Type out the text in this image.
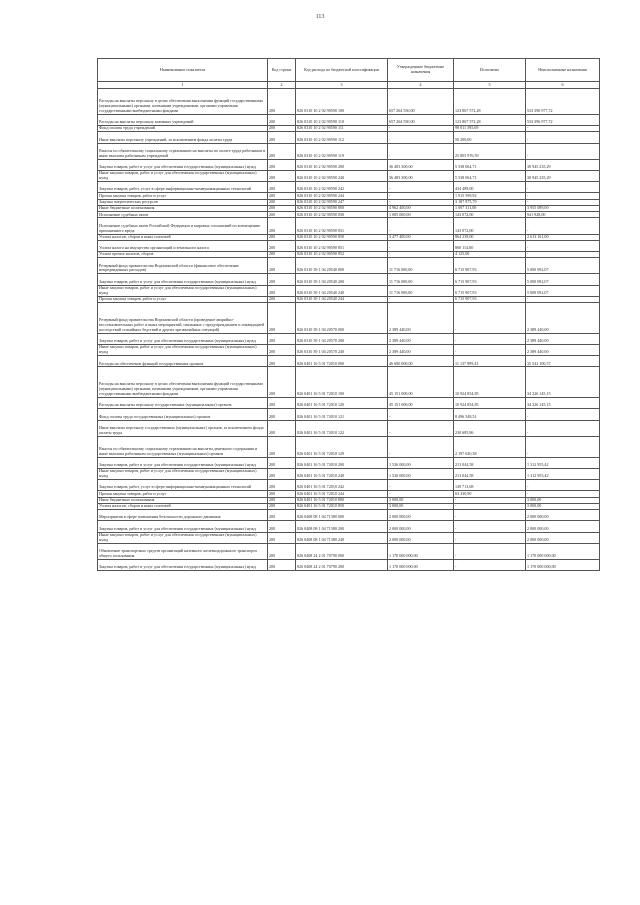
113
Наименование показателя	Код строки	Код расхода по бюджетной классификации	Утвержденные бюджетные назначения	Исполнено	Неисполненные назначения
1	2	3	4	5	6
Расходы на выплаты персоналу в целях обеспечения выполнения функций государственными (муниципальными) органами, казенными учреждениями, органами управления государственными внебюджетными фондами	200	826 0310 10 2 02 90590 100	657 264 550,00	123 867 572,28	533 396 977,72
Расходы на выплаты персоналу казенных учреждений	200	826 0310 10 2 02 90590 110	657 264 550,00	123 867 572,28	533 396 977,72
Фонд оплаты труда учреждений	200	826 0310 10 2 02 90590 111	-	98 011 395,69	-
Иные выплаты персоналу учреждений, за исключением фонда оплаты труда	200	826 0310 10 2 02 90590 112	-	50 200,00	-
Взносы по обязательному социальному страхованию на выплаты по оплате труда работников и иные выплаты работникам учреждений	200	826 0310 10 2 02 90590 119	-	25 805 976,59	-
Закупка товаров, работ и услуг для обеспечения государственных (муниципальных) нужд	200	826 0310 10 2 02 90590 200	36 483 300,00	5 538 064,71	30 945 235,29
Иные закупки товаров, работ и услуг для обеспечения государственных (муниципальных) нужд	200	826 0310 10 2 02 90590 240	36 483 300,00	5 538 064,71	30 945 235,29
Закупка товаров, работ, услуг в сфере информационно-коммуникационных технологий	200	826 0310 10 2 02 90590 242	-	434 489,00	-
Прочая закупка товаров, работ и услуг	200	826 0310 10 2 02 90590 244	-	1 915 599,92	-
Закупка энергетических ресурсов	200	826 0310 10 2 02 90590 247	-	3 187 975,79	-
Иные бюджетные ассигнования	200	826 0310 10 2 02 90590 800	4 962 400,00	1 007 311,00	3 955 089,00
Исполнение судебных актов	200	826 0310 10 2 02 90590 830	1 085 000,00	143 072,00	941 928,00
Исполнение судебных актов Российской Федерации и мировых соглашений по возмещению причиненного вреда	200	826 0310 10 2 02 90590 831	-	143 072,00	-
Уплата налогов, сборов и иных платежей	200	826 0310 10 2 02 90590 850	3 477 400,00	864 239,00	2 613 161,00
Уплата налога на имущество организаций и земельного налога	200	826 0310 10 2 02 90590 851	-	860 114,00	-
Уплата прочих налогов, сборов	200	826 0310 10 2 02 90590 852	-	4 125,00	-
Резервный фонд правительства Воронежской области (финансовое обеспечение непредвиденных расходов)	200	826 0310 39 1 04 20540 000	11 716 000,00	6 715 907,93	5 000 092,07
Закупка товаров, работ и услуг для обеспечения государственных (муниципальных) нужд	200	826 0310 39 1 04 20540 200	11 716 000,00	6 715 907,93	5 000 092,07
Иные закупки товаров, работ и услуг для обеспечения государственных (муниципальных) нужд	200	826 0310 39 1 04 20540 240	11 716 000,00	6 715 907,93	5 000 092,07
Прочая закупка товаров, работ и услуг	200	826 0310 39 1 04 20540 244	-	6 715 907,93	-
Резервный фонд правительства Воронежской области (проведение аварийно-восстановительных работ и иных мероприятий, связанных с предупреждением и ликвидацией последствий стихийных бедствий и других чрезвычайных ситуаций)	200	826 0310 39 1 04 20570 000	2 389 440,00	-	2 389 440,00
Закупка товаров, работ и услуг для обеспечения государственных (муниципальных) нужд	200	826 0310 39 1 04 20570 200	2 389 440,00	-	2 389 440,00
Иные закупки товаров, работ и услуг для обеспечения государственных (муниципальных) нужд	200	826 0310 39 1 04 20570 240	2 389 440,00	-	2 389 440,00
Расходы на обеспечение функций государственных органов	200	826 0401 16 5 01 72010 000	46 680 000,00	11 137 899,43	35 542 100,57
Расходы на выплаты персоналу в целях обеспечения выполнения функций государственными (муниципальными) органами, казенными учреждениями, органами управления государственными внебюджетными фондами	200	826 0401 16 5 01 72010 100	45 151 000,00	10 924 854,85	34 226 145,15
Расходы на выплаты персоналу государственных (муниципальных) органов	200	826 0401 16 5 01 72010 120	45 151 000,00	10 924 854,85	34 226 145,15
Фонд оплаты труда государственных (муниципальных) органов	200	826 0401 16 5 01 72010 121	-	8 496 548,51	-
Иные выплаты персоналу государственных (муниципальных) органов, за исключением фонда оплаты труда	200	826 0401 16 5 01 72010 122	-	230 685,86	-
Взносы по обязательному социальному страхованию на выплаты денежного содержания и иные выплаты работникам государственных (муниципальных) органов	200	826 0401 16 5 01 72010 129	-	2 197 620,38	-
Закупка товаров, работ и услуг для обеспечения государственных (муниципальных) нужд	200	826 0401 16 5 01 72010 200	1 526 000,00	213 044,58	1 312 955,42
Иные закупки товаров, работ и услуг для обеспечения государственных (муниципальных) нужд	200	826 0401 16 5 01 72010 240	1 526 000,00	213 044,58	1 312 955,42
Закупка товаров, работ, услуг в сфере информационно-коммуникационных технологий	200	826 0401 16 5 01 72010 242	-	149 713,68	-
Прочая закупка товаров, работ и услуг	200	826 0401 16 5 01 72010 244	-	63 330,90	-
Иные бюджетные ассигнования	200	826 0401 16 5 01 72010 800	3 000,00	-	3 000,00
Уплата налогов, сборов и иных платежей	200	826 0401 16 5 01 72010 850	3 000,00	-	3 000,00
Мероприятия в сфере повышения безопасности дорожного движения	200	826 0408 08 1 04 71380 000	2 000 000,00	-	2 000 000,00
Закупка товаров, работ и услуг для обеспечения государственных (муниципальных) нужд	200	826 0408 08 1 04 71380 200	2 000 000,00	-	2 000 000,00
Иные закупки товаров, работ и услуг для обеспечения государственных (муниципальных) нужд	200	826 0408 08 1 04 71380 240	2 000 000,00	-	2 000 000,00
Обновление транспортных средств организаций наземного железнодорожного транспорта общего пользования	200	826 0408 24 2 01 70790 000	1 170 000 000,00	-	1 170 000 000,00
Закупка товаров, работ и услуг для обеспечения государственных (муниципальных) нужд	200	826 0408 24 2 01 70790 200	1 170 000 000,00	-	1 170 000 000,00
